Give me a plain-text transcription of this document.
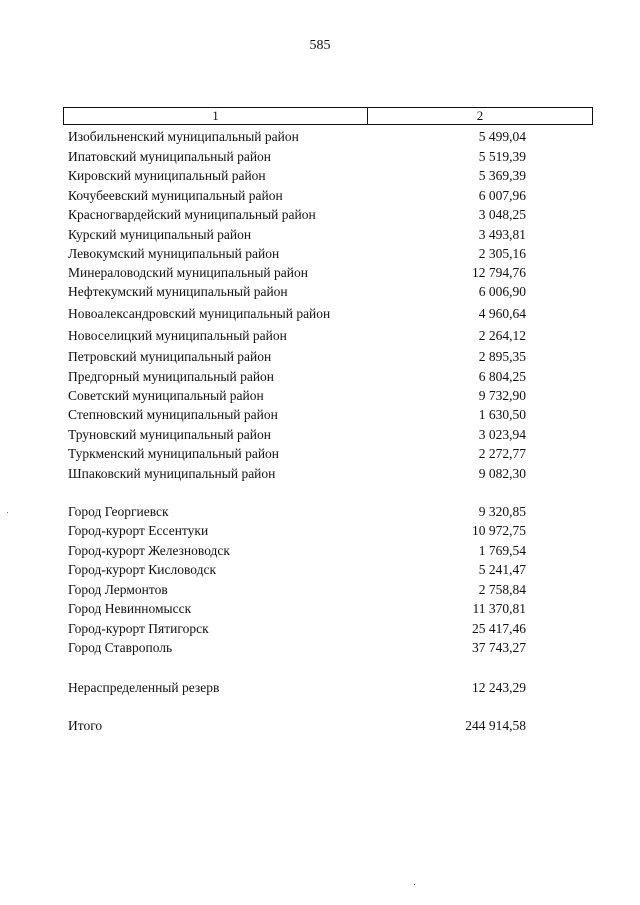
585
1	2
Изобильненский муниципальный район	5 499,04
Ипатовский муниципальный район	5 519,39
Кировский муниципальный район	5 369,39
Кочубеевский муниципальный район	6 007,96
Красногвардейский муниципальный район	3 048,25
Курский муниципальный район	3 493,81
Левокумский муниципальный район	2 305,16
Минераловодский муниципальный район	12 794,76
Нефтекумский муниципальный район	6 006,90
Новоалександровский муниципальный район	4 960,64
Новоселицкий муниципальный район	2 264,12
Петровский муниципальный район	2 895,35
Предгорный муниципальный район	6 804,25
Советский муниципальный район	9 732,90
Степновский муниципальный район	1 630,50
Труновский муниципальный район	3 023,94
Туркменский муниципальный район	2 272,77
Шпаковский муниципальный район	9 082,30
Город Георгиевск	9 320,85
Город-курорт Ессентуки	10 972,75
Город-курорт Железноводск	1 769,54
Город-курорт Кисловодск	5 241,47
Город Лермонтов	2 758,84
Город Невинномысск	11 370,81
Город-курорт Пятигорск	25 417,46
Город Ставрополь	37 743,27
Нераспределенный резерв	12 243,29
Итого	244 914,58
